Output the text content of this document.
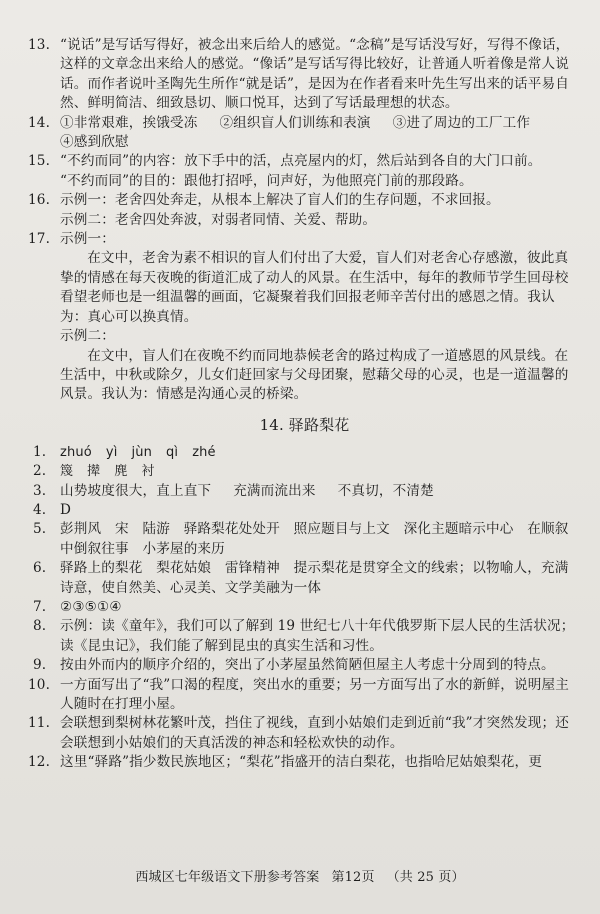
13. “说话”是写话写得好，被念出来后给人的感觉。“念稿”是写话没写好，写得不像话，这样的文章念出来给人的感觉。“像话”是写话写得比较好，让普通人听着像是常人说话。而作者说叶圣陶先生所作“就是话”，是因为在作者看来叶先生写出来的话平易自然、鲜明简洁、细致恳切、顺口悦耳，达到了写话最理想的状态。

14. ①非常艰难，挨饿受冻 ②组织盲人们训练和表演 ③进了周边的工厂工作

④感到欣慰

15. “不约而同”的内容：放下手中的活，点亮屋内的灯，然后站到各自的大门口前。

“不约而同”的目的：跟他打招呼，问声好，为他照亮门前的那段路。

16. 示例一：老舍四处奔走，从根本上解决了盲人们的生存问题，不求回报。

示例二：老舍四处奔波，对弱者同情、关爱、帮助。

17. 示例一：

在文中，老舍为素不相识的盲人们付出了大爱，盲人们对老舍心存感激，彼此真挚的情感在每天夜晚的街道汇成了动人的风景。在生活中，每年的教师节学生回母校看望老师也是一组温馨的画面，它凝聚着我们回报老师辛苦付出的感恩之情。我认为：真心可以换真情。

示例二：

在文中，盲人们在夜晚不约而同地恭候老舍的路过构成了一道感恩的风景线。在生活中，中秋或除夕，儿女们赶回家与父母团聚，慰藉父母的心灵，也是一道温馨的风景。我认为：情感是沟通心灵的桥梁。

14. 驿路梨花
1. zhuó yì jùn qì zhé

2. 篾 撵 麂 衬

3. 山势坡度很大，直上直下 充满而流出来 不真切，不清楚

4. D

5. 彭荆风　宋　陆游　驿路梨花处处开　照应题目与上文　深化主题暗示中心　在顺叙中倒叙往事　小茅屋的来历

6. 驿路上的梨花　梨花姑娘　雷锋精神　提示梨花是贯穿全文的线索；以物喻人，充满诗意，使自然美、心灵美、文学美融为一体

7. ②③⑤①④

8. 示例：读《童年》，我们可以了解到 19 世纪七八十年代俄罗斯下层人民的生活状况；

读《昆虫记》，我们能了解到昆虫的真实生活和习性。

9. 按由外而内的顺序介绍的，突出了小茅屋虽然简陋但屋主人考虑十分周到的特点。

10. 一方面写出了“我”口渴的程度，突出水的重要；另一方面写出了水的新鲜，说明屋主人随时在打理小屋。

11. 会联想到梨树林花繁叶茂，挡住了视线，直到小姑娘们走到近前“我”才突然发现；还会联想到小姑娘们的天真活泼的神态和轻松欢快的动作。

12. 这里“驿路”指少数民族地区；“梨花”指盛开的洁白梨花，也指哈尼姑娘梨花，更

西城区七年级语文下册参考答案 第12页 （共 25 页）
